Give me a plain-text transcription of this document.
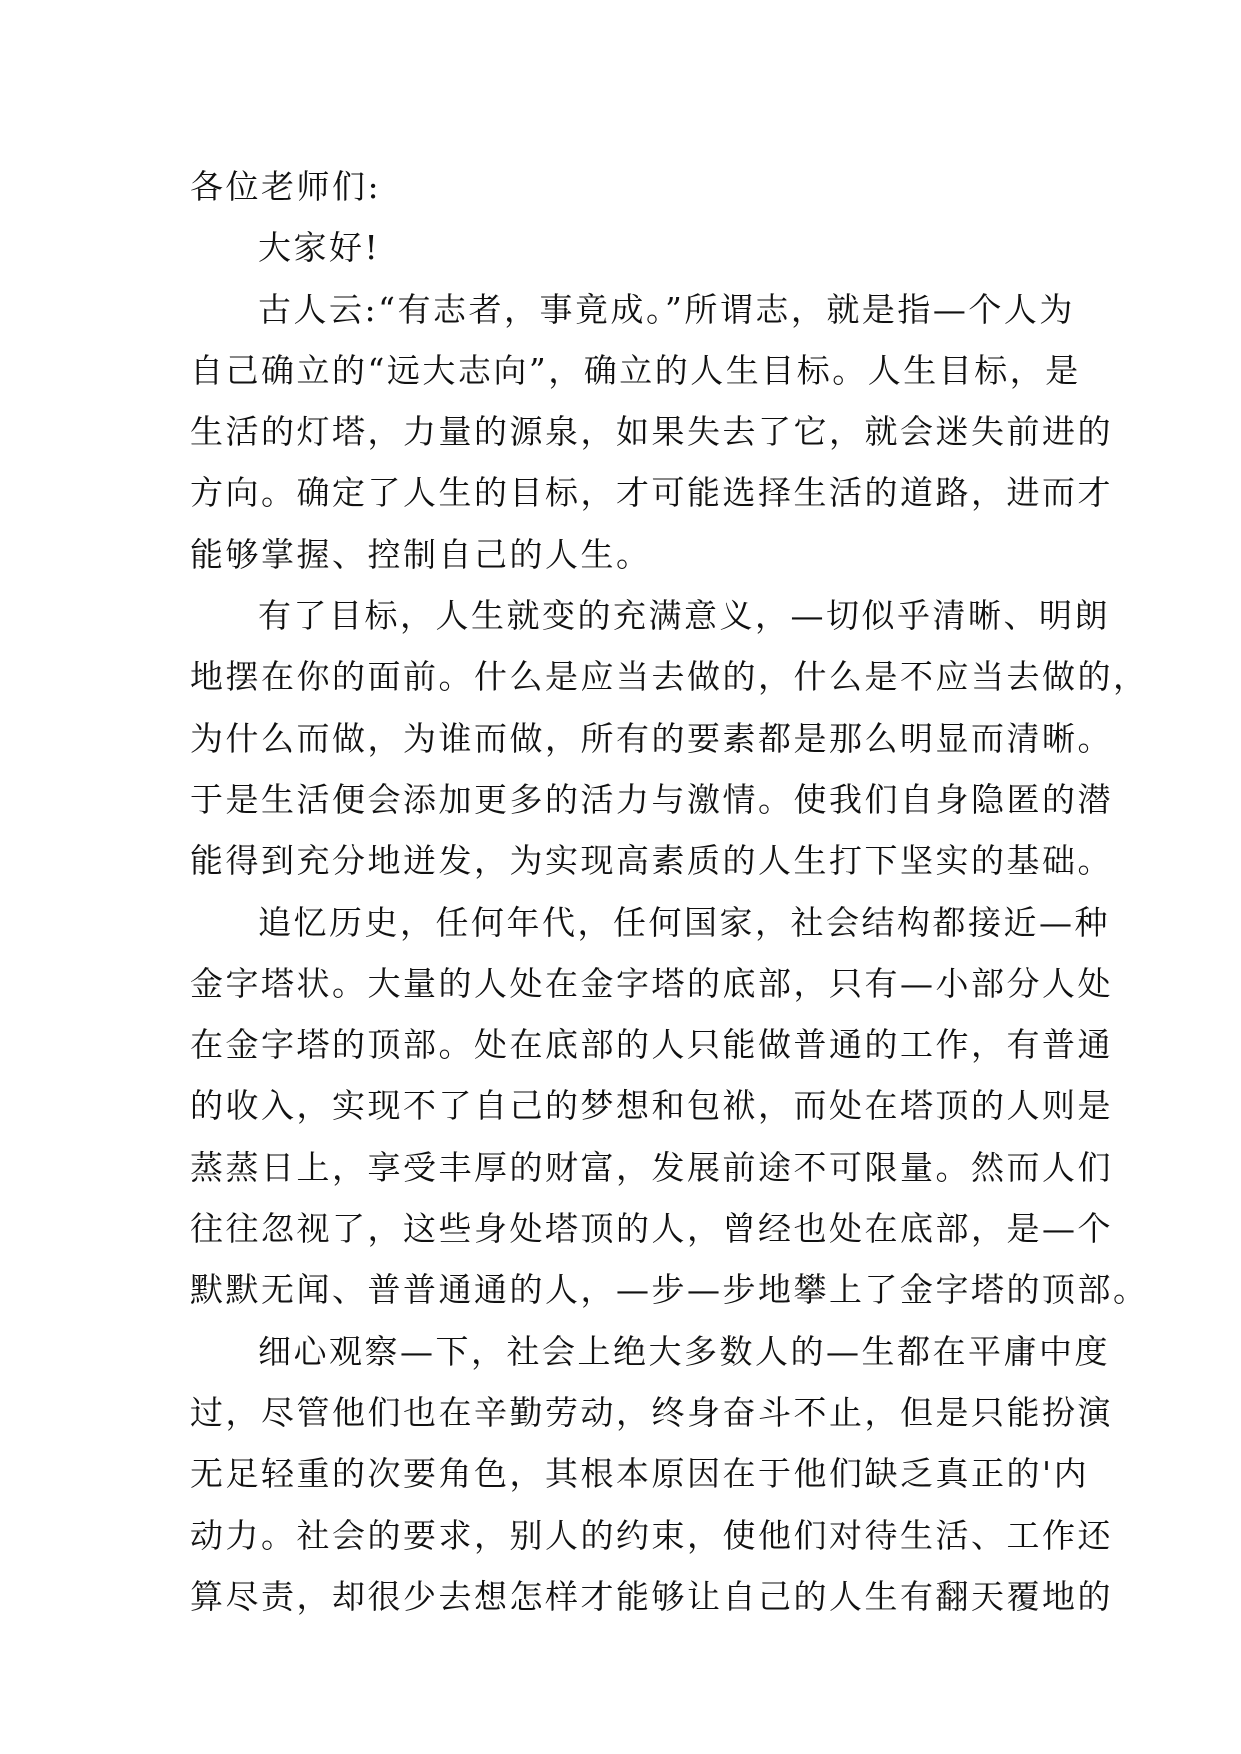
各位老师们:
大家好!
古人云:“有志者，事竟成。”所谓志，就是指—个人为
自己确立的“远大志向”，确立的人生目标。人生目标，是
生活的灯塔，力量的源泉，如果失去了它，就会迷失前进的
方向。确定了人生的目标，才可能选择生活的道路，进而才
能够掌握、控制自己的人生。
有了目标，人生就变的充满意义，—切似乎清晰、明朗
地摆在你的面前。什么是应当去做的，什么是不应当去做的，
为什么而做，为谁而做，所有的要素都是那么明显而清晰。
于是生活便会添加更多的活力与激情。使我们自身隐匿的潜
能得到充分地迸发，为实现高素质的人生打下坚实的基础。
追忆历史，任何年代，任何国家，社会结构都接近—种
金字塔状。大量的人处在金字塔的底部，只有—小部分人处
在金字塔的顶部。处在底部的人只能做普通的工作，有普通
的收入，实现不了自己的梦想和包袱，而处在塔顶的人则是
蒸蒸日上，享受丰厚的财富，发展前途不可限量。然而人们
往往忽视了，这些身处塔顶的人，曾经也处在底部，是—个
默默无闻、普普通通的人，—步—步地攀上了金字塔的顶部。
细心观察—下，社会上绝大多数人的—生都在平庸中度
过，尽管他们也在辛勤劳动，终身奋斗不止，但是只能扮演
无足轻重的次要角色，其根本原因在于他们缺乏真正的'内
动力。社会的要求，别人的约束，使他们对待生活、工作还
算尽责，却很少去想怎样才能够让自己的人生有翻天覆地的
